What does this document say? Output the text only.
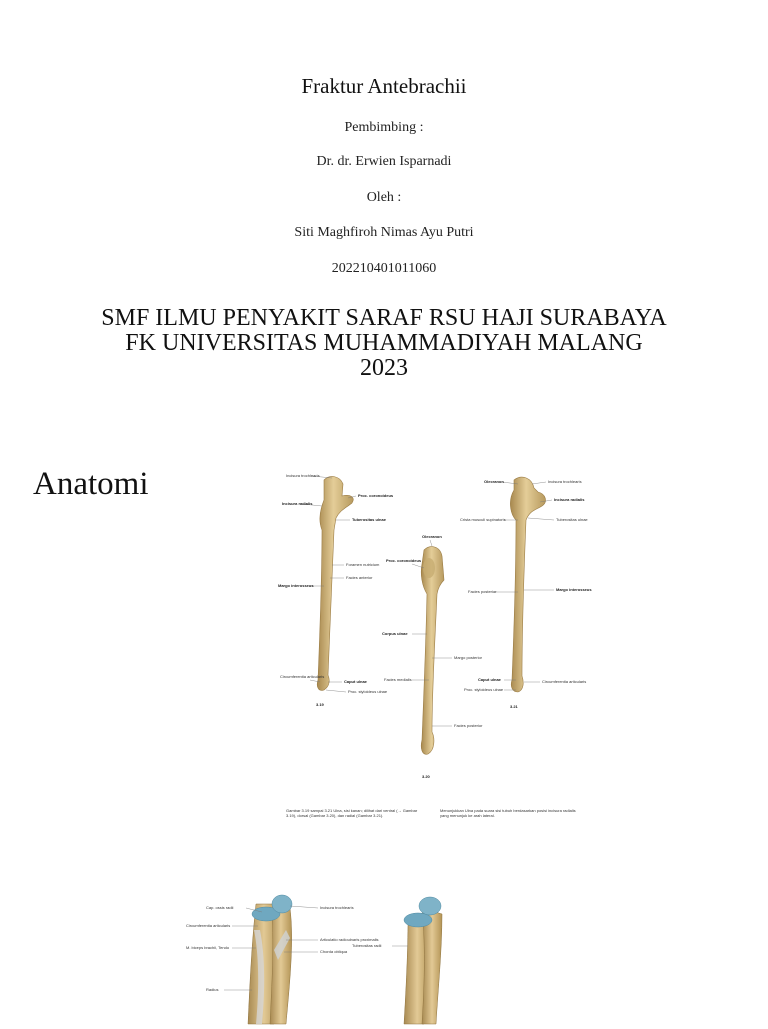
Fraktur Antebrachii
Pembimbing :
Dr. dr. Erwien Isparnadi
Oleh :
Siti Maghfiroh Nimas Ayu Putri
202210401011060
SMF ILMU PENYAKIT SARAF RSU HAJI SURABAYA
FK UNIVERSITAS MUHAMMADIYAH MALANG
2023
Anatomi	Incisura trochlearis
Proc. coronoideus
Incisura radialis
Tuberositas ulnae
Foramen nutricium
Facies anterior
Margo interosseus
Circumferentia articularis
Caput ulnae
Proc. styloideus ulnae
3.19
Olecranon
Proc. coronoideus
Corpus ulnae
Margo posterior
Facies medialis
Facies posterior
3.20
Olecranon	Incisura trochlearis
Incisura radialis
Crista musculi supinatoris	Tuberositas ulnae
Facies posterior	Margo interosseus
Caput ulnae	Circumferentia articularis
Proc. styloideus ulnae
3.21
Gambar 3.19 sampai 3.21 Ulna, sisi kanan; dilihat dari ventral (→ Gambar 3.19), dorsal (Gambar 3.20), dan radial (Gambar 3.21).
Menunjukkan Ulna pada suara sisi tubuh berdasarkan posisi incisura radialis yang menunjuk ke arah lateral.
Cap. ossis radii
Circumferentia articularis
M. biceps brachii, Tendo
Radius
Incisura trochlearis
Articulatio radioulnaris proximalis
Chorda obliqua
Tuberositas radii
